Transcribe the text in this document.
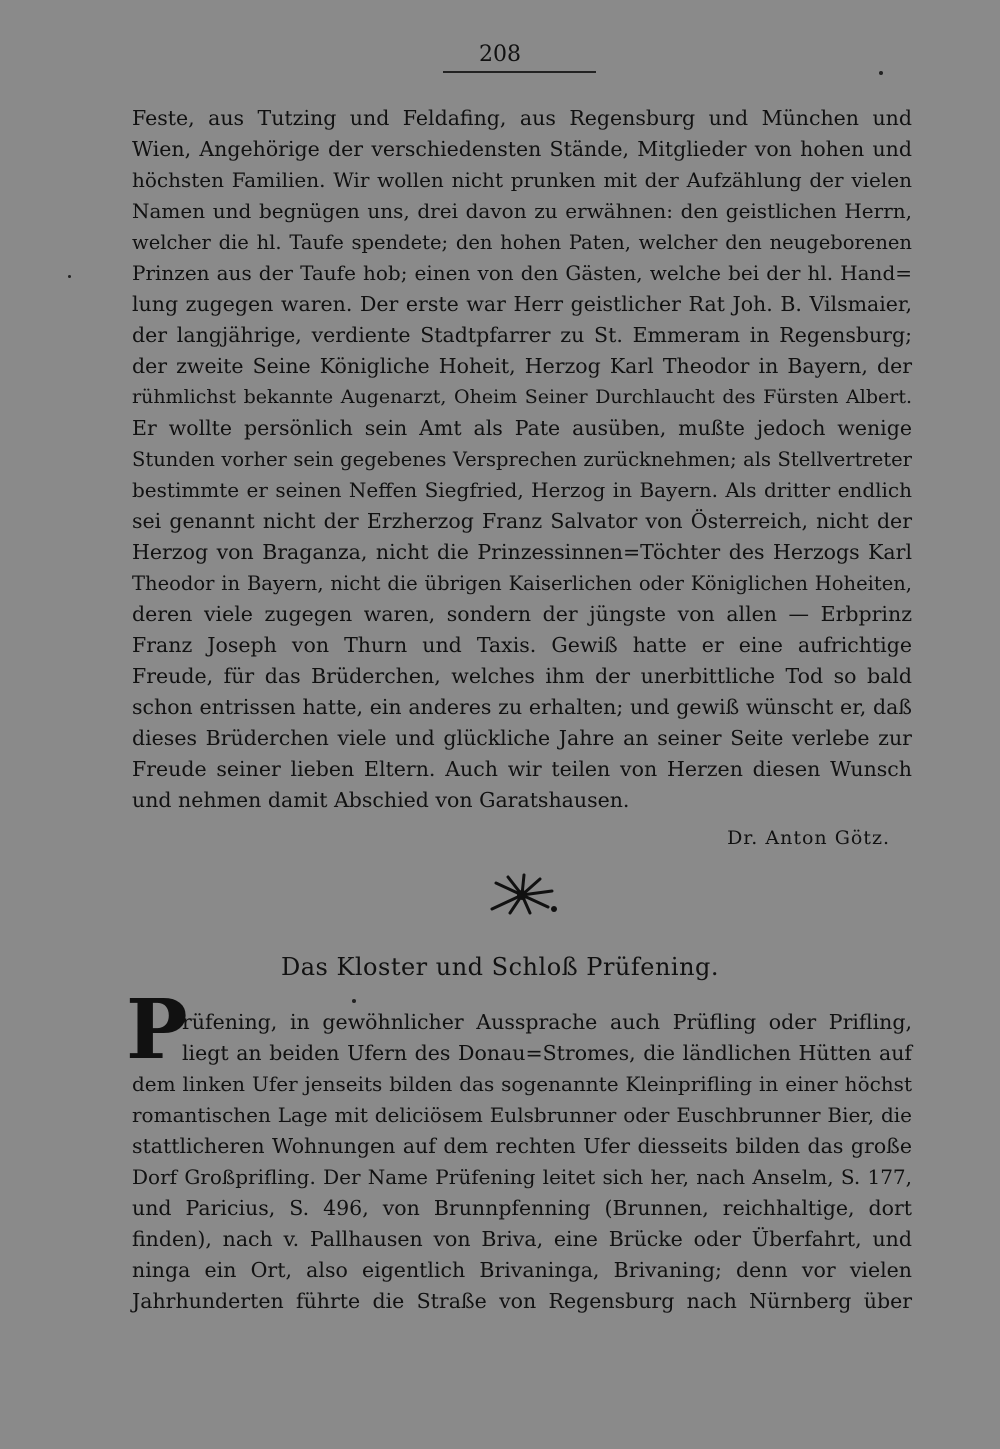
208
Feste, aus Tutzing und Feldafing, aus Regensburg und München und
Wien, Angehörige der verschiedensten Stände, Mitglieder von hohen und
höchsten Familien. Wir wollen nicht prunken mit der Aufzählung der vielen
Namen und begnügen uns, drei davon zu erwähnen: den geistlichen Herrn,
welcher die hl. Taufe spendete; den hohen Paten, welcher den neugeborenen
Prinzen aus der Taufe hob; einen von den Gästen, welche bei der hl. Hand=
lung zugegen waren. Der erste war Herr geistlicher Rat Joh. B. Vilsmaier,
der langjährige, verdiente Stadtpfarrer zu St. Emmeram in Regensburg;
der zweite Seine Königliche Hoheit, Herzog Karl Theodor in Bayern, der
rühmlichst bekannte Augenarzt, Oheim Seiner Durchlaucht des Fürsten Albert.
Er wollte persönlich sein Amt als Pate ausüben, mußte jedoch wenige
Stunden vorher sein gegebenes Versprechen zurücknehmen; als Stellvertreter
bestimmte er seinen Neffen Siegfried, Herzog in Bayern. Als dritter endlich
sei genannt nicht der Erzherzog Franz Salvator von Österreich, nicht der
Herzog von Braganza, nicht die Prinzessinnen=Töchter des Herzogs Karl
Theodor in Bayern, nicht die übrigen Kaiserlichen oder Königlichen Hoheiten,
deren viele zugegen waren, sondern der jüngste von allen — Erbprinz
Franz Joseph von Thurn und Taxis. Gewiß hatte er eine aufrichtige
Freude, für das Brüderchen, welches ihm der unerbittliche Tod so bald
schon entrissen hatte, ein anderes zu erhalten; und gewiß wünscht er, daß
dieses Brüderchen viele und glückliche Jahre an seiner Seite verlebe zur
Freude seiner lieben Eltern. Auch wir teilen von Herzen diesen Wunsch
und nehmen damit Abschied von Garatshausen.
Dr. Anton Götz.
Das Kloster und Schloß Prüfening.
P
rüfening, in gewöhnlicher Aussprache auch Prüfling oder Prifling,
liegt an beiden Ufern des Donau=Stromes, die ländlichen Hütten auf
dem linken Ufer jenseits bilden das sogenannte Kleinprifling in einer höchst
romantischen Lage mit deliciösem Eulsbrunner oder Euschbrunner Bier, die
stattlicheren Wohnungen auf dem rechten Ufer diesseits bilden das große
Dorf Großprifling. Der Name Prüfening leitet sich her, nach Anselm, S. 177,
und Paricius, S. 496, von Brunnpfenning (Brunnen, reichhaltige, dort
finden), nach v. Pallhausen von Briva, eine Brücke oder Überfahrt, und
ninga ein Ort, also eigentlich Brivaninga, Brivaning; denn vor vielen
Jahrhunderten führte die Straße von Regensburg nach Nürnberg über
